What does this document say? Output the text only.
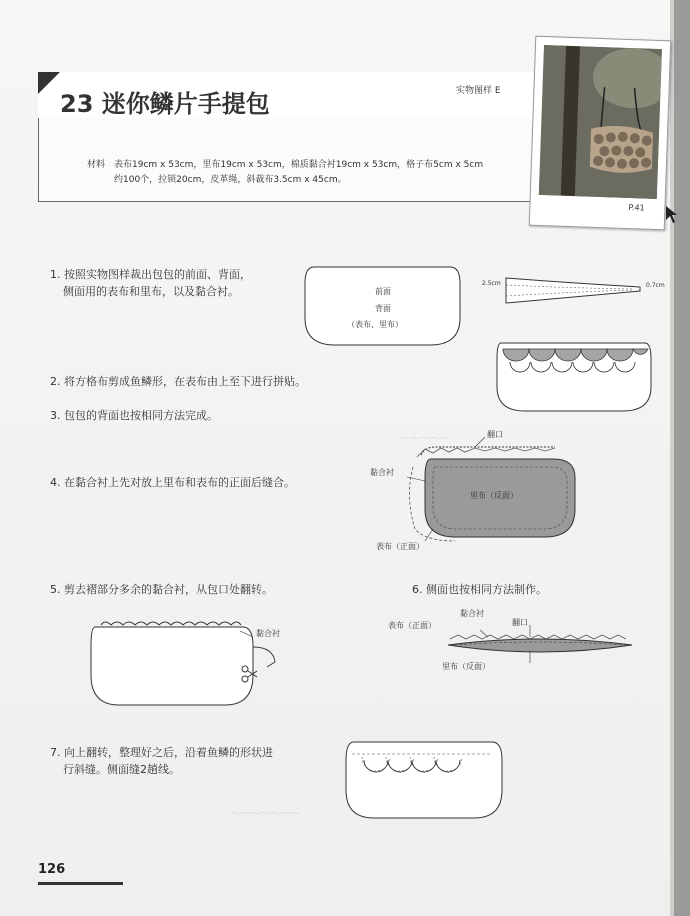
～～～～～
～～～～～～～
23 迷你鳞片手提包	实物图样 E
材料 表布19cm x 53cm，里布19cm x 53cm，棉质黏合衬19cm x 53cm，格子布5cm x 5cm
约100个，拉锁20cm，皮革绳，斜裁布3.5cm x 45cm。
P.41
1. 按照实物图样裁出包包的前面、背面，
侧面用的表布和里布，以及黏合衬。
2. 将方格布剪成鱼鳞形，在表布由上至下进行拼贴。
3. 包包的背面也按相同方法完成。
4. 在黏合衬上先对放上里布和表布的正面后缝合。
5. 剪去褶部分多余的黏合衬，从包口处翻转。	6. 侧面也按相同方法制作。
7. 向上翻转，整理好之后，沿着鱼鳞的形状进
行斜缝。侧面缝2趟线。
前面
背面
（表布、里布）
2.5cm	0.7cm
翻口
黏合衬
里布（反面）
表布（正面）
黏合衬
黏合衬
翻口
表布（正面）
里布（反面）
126
